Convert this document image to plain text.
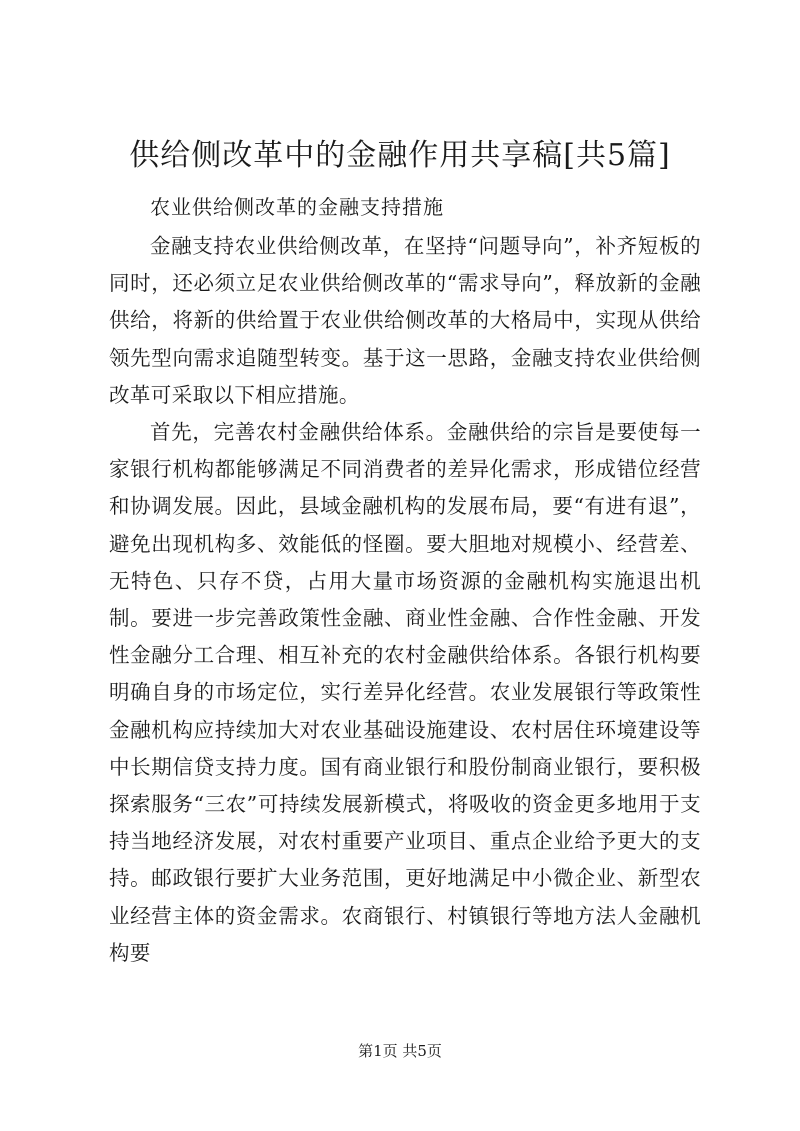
供给侧改革中的金融作用共享稿[共5篇]

农业供给侧改革的金融支持措施

金融支持农业供给侧改革，在坚持“问题导向”，补齐短板的同时，还必须立足农业供给侧改革的“需求导向”，释放新的金融供给，将新的供给置于农业供给侧改革的大格局中，实现从供给领先型向需求追随型转变。基于这一思路，金融支持农业供给侧改革可采取以下相应措施。

首先，完善农村金融供给体系。金融供给的宗旨是要使每一家银行机构都能够满足不同消费者的差异化需求，形成错位经营和协调发展。因此，县域金融机构的发展布局，要“有进有退”，避免出现机构多、效能低的怪圈。要大胆地对规模小、经营差、无特色、只存不贷，占用大量市场资源的金融机构实施退出机制。要进一步完善政策性金融、商业性金融、合作性金融、开发性金融分工合理、相互补充的农村金融供给体系。各银行机构要明确自身的市场定位，实行差异化经营。农业发展银行等政策性金融机构应持续加大对农业基础设施建设、农村居住环境建设等中长期信贷支持力度。国有商业银行和股份制商业银行，要积极探索服务“三农”可持续发展新模式，将吸收的资金更多地用于支持当地经济发展，对农村重要产业项目、重点企业给予更大的支持。邮政银行要扩大业务范围，更好地满足中小微企业、新型农业经营主体的资金需求。农商银行、村镇银行等地方法人金融机构要

第1页 共5页
